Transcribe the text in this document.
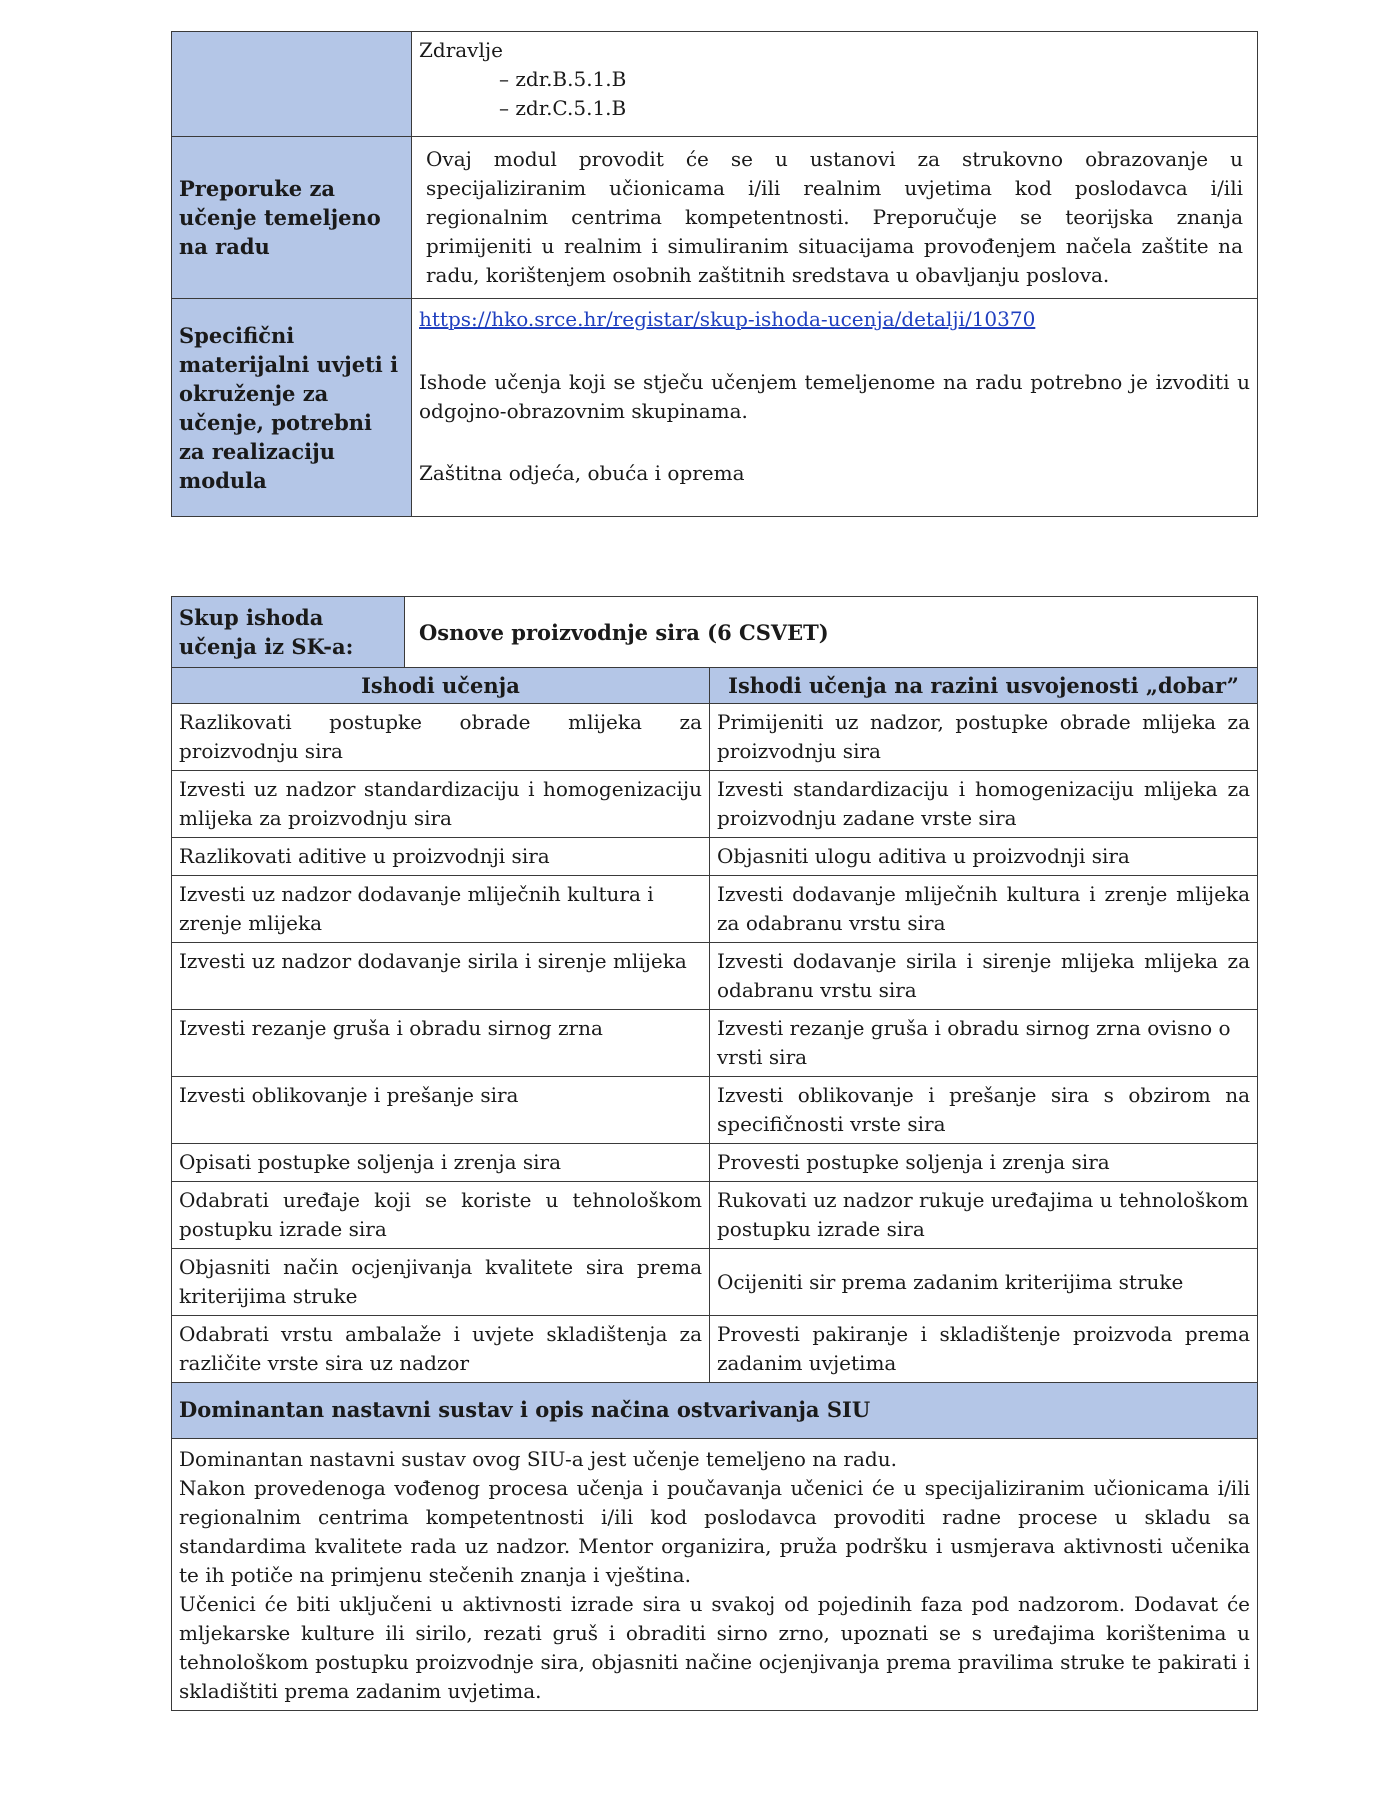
	Zdravlje
– zdr.B.5.1.B
– zdr.C.5.1.B

Preporuke za učenje temeljeno na radu	Ovaj modul provodit će se u ustanovi za strukovno obrazovanje u specijaliziranim učionicama i/ili realnim uvjetima kod poslodavca i/ili regionalnim centrima kompetentnosti. Preporučuje se teorijska znanja primijeniti u realnim i simuliranim situacijama provođenjem načela zaštite na radu, korištenjem osobnih zaštitnih sredstava u obavljanju poslova.
Specifični materijalni uvjeti i okruženje za učenje, potrebni za realizaciju modula	https://hko.srce.hr/registar/skup-ishoda-ucenja/detalji/10370
Ishode učenja koji se stječu učenjem temeljenome na radu potrebno je izvoditi u odgojno-obrazovnim skupinama.
Zaštitna odjeća, obuća i oprema
Skup ishoda učenja iz SK-a:	Osnove proizvodnje sira (6 CSVET)	
Ishodi učenja		Ishodi učenja na razini usvojenosti „dobar”
Razlikovati postupke obrade mlijeka za proizvodnju sira		Primijeniti uz nadzor, postupke obrade mlijeka za proizvodnju sira
Izvesti uz nadzor standardizaciju i homogenizaciju mlijeka za proizvodnju sira		Izvesti standardizaciju i homogenizaciju mlijeka za proizvodnju zadane vrste sira
Razlikovati aditive u proizvodnji sira		Objasniti ulogu aditiva u proizvodnji sira
Izvesti uz nadzor dodavanje mliječnih kultura i zrenje mlijeka		Izvesti dodavanje mliječnih kultura i zrenje mlijeka za odabranu vrstu sira
Izvesti uz nadzor dodavanje sirila i sirenje mlijeka		Izvesti dodavanje sirila i sirenje mlijeka mlijeka za odabranu vrstu sira
Izvesti rezanje gruša i obradu sirnog zrna		Izvesti rezanje gruša i obradu sirnog zrna ovisno o vrsti sira
Izvesti oblikovanje i prešanje sira		Izvesti oblikovanje i prešanje sira s obzirom na specifičnosti vrste sira
Opisati postupke soljenja i zrenja sira		Provesti postupke soljenja i zrenja sira
Odabrati uređaje koji se koriste u tehnološkom postupku izrade sira		Rukovati uz nadzor rukuje uređajima u tehnološkom postupku izrade sira
Objasniti način ocjenjivanja kvalitete sira prema kriterijima struke		Ocijeniti sir prema zadanim kriterijima struke
Odabrati vrstu ambalaže i uvjete skladištenja za različite vrste sira uz nadzor		Provesti pakiranje i skladištenje proizvoda prema zadanim uvjetima
Dominantan nastavni sustav i opis načina ostvarivanja SIU		

Dominantan nastavni sustav ovog SIU-a jest učenje temeljeno na radu.

Nakon provedenoga vođenog procesa učenja i poučavanja učenici će u specijaliziranim učionicama i/ili regionalnim centrima kompetentnosti i/ili kod poslodavca provoditi radne procese u skladu sa standardima kvalitete rada uz nadzor. Mentor organizira, pruža podršku i usmjerava aktivnosti učenika te ih potiče na primjenu stečenih znanja i vještina.

Učenici će biti uključeni u aktivnosti izrade sira u svakoj od pojedinih faza pod nadzorom. Dodavat će mljekarske kulture ili sirilo, rezati gruš i obraditi sirno zrno, upoznati se s uređajima korištenima u tehnološkom postupku proizvodnje sira, objasniti načine ocjenjivanja prema pravilima struke te pakirati i skladištiti prema zadanim uvjetima.		
